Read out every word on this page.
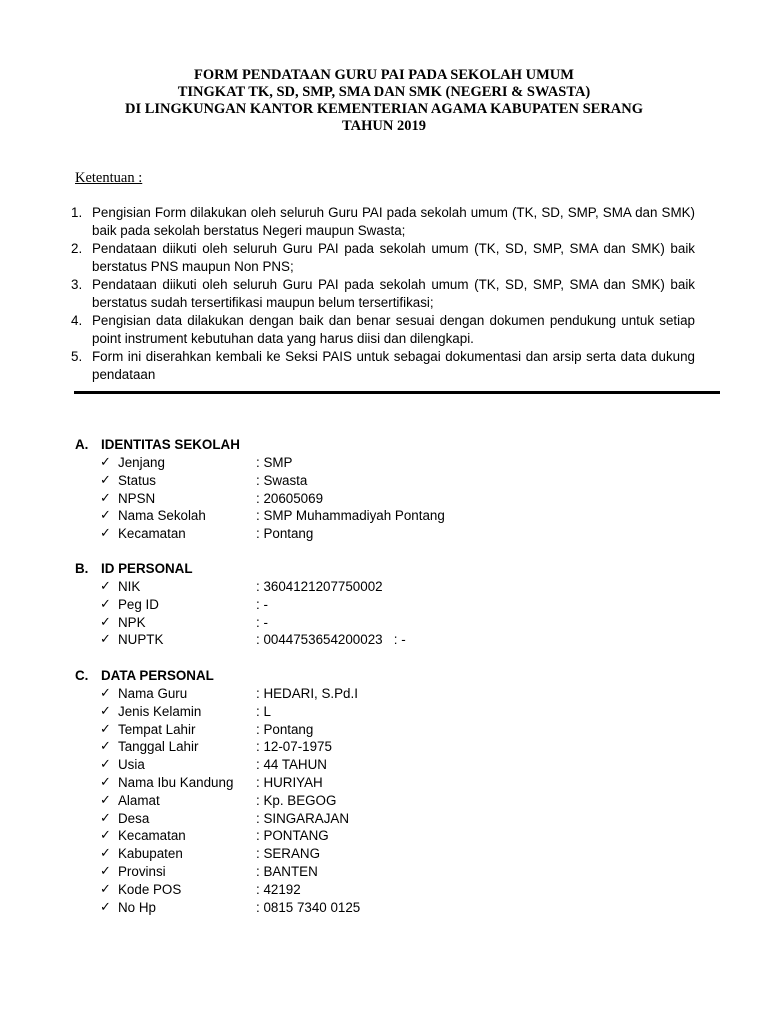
FORM PENDATAAN GURU PAI PADA SEKOLAH UMUM
TINGKAT TK, SD, SMP, SMA DAN SMK (NEGERI & SWASTA)
DI LINGKUNGAN KANTOR KEMENTERIAN AGAMA KABUPATEN SERANG
TAHUN 2019
Ketentuan :
1. Pengisian Form dilakukan oleh seluruh Guru PAI pada sekolah umum (TK, SD, SMP, SMA dan SMK) baik pada sekolah berstatus Negeri maupun Swasta;
2. Pendataan diikuti oleh seluruh Guru PAI pada sekolah umum (TK, SD, SMP, SMA dan SMK) baik berstatus PNS maupun Non PNS;
3. Pendataan diikuti oleh seluruh Guru PAI pada sekolah umum (TK, SD, SMP, SMA dan SMK) baik berstatus sudah tersertifikasi maupun belum tersertifikasi;
4. Pengisian data dilakukan dengan baik dan benar sesuai dengan dokumen pendukung untuk setiap point instrument kebutuhan data yang harus diisi dan dilengkapi.
5. Form ini diserahkan kembali ke Seksi PAIS untuk sebagai dokumentasi dan arsip serta data dukung pendataan
A. IDENTITAS SEKOLAH
✓ Jenjang	: SMP
✓ Status	: Swasta
✓ NPSN	: 20605069
✓ Nama Sekolah	: SMP Muhammadiyah Pontang
✓ Kecamatan	: Pontang
B. ID PERSONAL
✓ NIK	: 3604121207750002
✓ Peg ID	: -
✓ NPK	: -
✓ NUPTK	: 0044753654200023   : -
C. DATA PERSONAL
✓ Nama Guru	: HEDARI, S.Pd.I
✓ Jenis Kelamin	: L
✓ Tempat Lahir	: Pontang
✓ Tanggal Lahir	: 12-07-1975
✓ Usia	: 44 TAHUN
✓ Nama Ibu Kandung : HURIYAH
✓ Alamat	: Kp. BEGOG
✓ Desa	: SINGARAJAN
✓ Kecamatan	: PONTANG
✓ Kabupaten	: SERANG
✓ Provinsi	: BANTEN
✓ Kode POS	: 42192
✓ No Hp	: 0815 7340 0125
